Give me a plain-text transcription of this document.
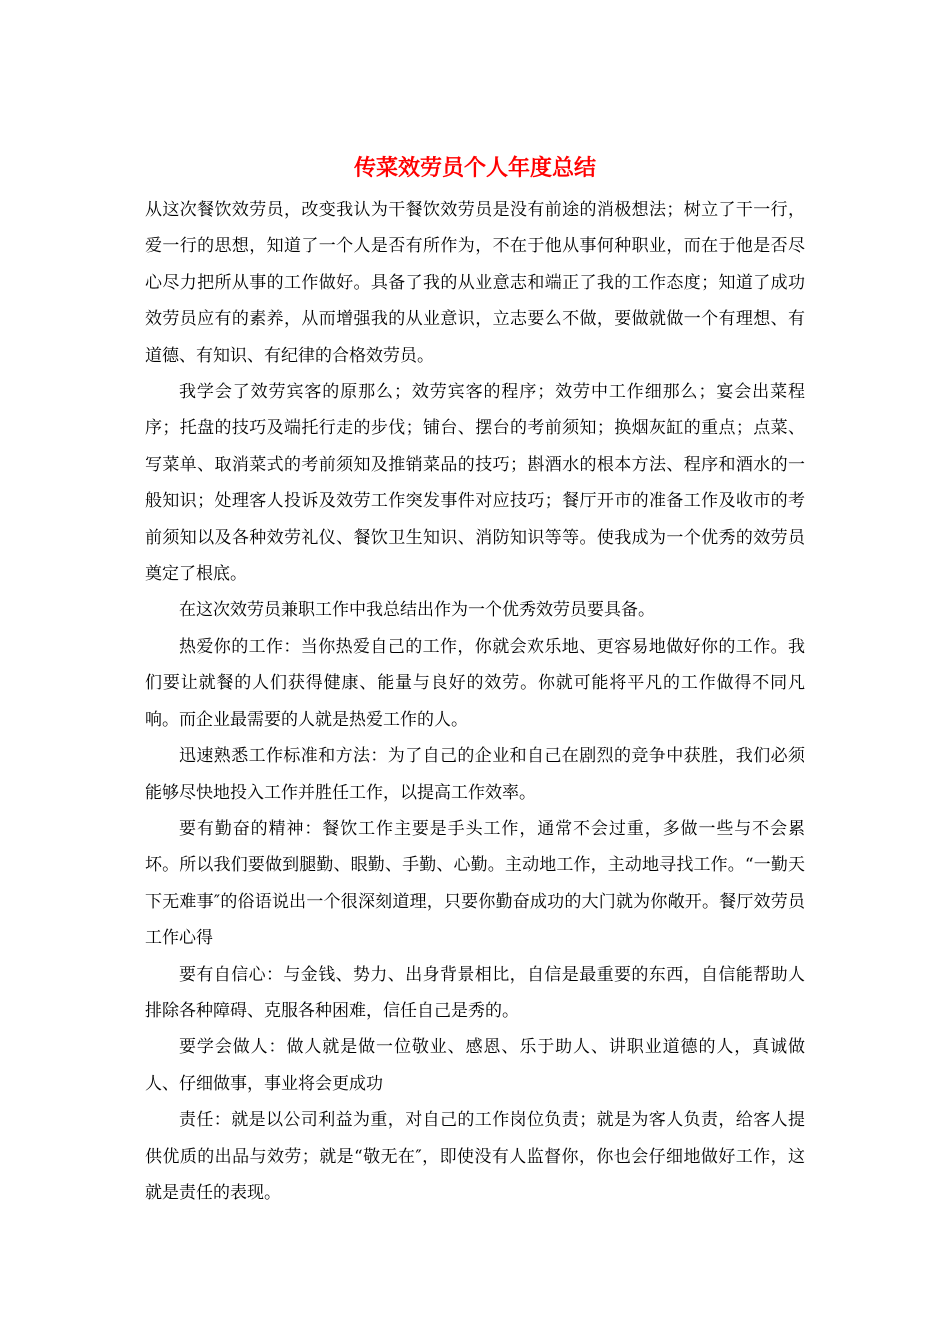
传菜效劳员个人年度总结

从这次餐饮效劳员，改变我认为干餐饮效劳员是没有前途的消极想法；树立了干一行，爱一行的思想，知道了一个人是否有所作为，不在于他从事何种职业，而在于他是否尽心尽力把所从事的工作做好。具备了我的从业意志和端正了我的工作态度；知道了成功效劳员应有的素养，从而增强我的从业意识，立志要么不做，要做就做一个有理想、有道德、有知识、有纪律的合格效劳员。

我学会了效劳宾客的原那么；效劳宾客的程序；效劳中工作细那么；宴会出菜程序；托盘的技巧及端托行走的步伐；铺台、摆台的考前须知；换烟灰缸的重点；点菜、写菜单、取消菜式的考前须知及推销菜品的技巧；斟酒水的根本方法、程序和酒水的一般知识；处理客人投诉及效劳工作突发事件对应技巧；餐厅开市的准备工作及收市的考前须知以及各种效劳礼仪、餐饮卫生知识、消防知识等等。使我成为一个优秀的效劳员奠定了根底。

在这次效劳员兼职工作中我总结出作为一个优秀效劳员要具备。

热爱你的工作：当你热爱自己的工作，你就会欢乐地、更容易地做好你的工作。我们要让就餐的人们获得健康、能量与良好的效劳。你就可能将平凡的工作做得不同凡响。而企业最需要的人就是热爱工作的人。

迅速熟悉工作标准和方法：为了自己的企业和自己在剧烈的竞争中获胜，我们必须能够尽快地投入工作并胜任工作，以提高工作效率。

要有勤奋的精神：餐饮工作主要是手头工作，通常不会过重，多做一些与不会累坏。所以我们要做到腿勤、眼勤、手勤、心勤。主动地工作，主动地寻找工作。“一勤天下无难事″的俗语说出一个很深刻道理，只要你勤奋成功的大门就为你敞开。餐厅效劳员工作心得

要有自信心：与金钱、势力、出身背景相比，自信是最重要的东西，自信能帮助人排除各种障碍、克服各种困难，信任自己是秀的。

要学会做人：做人就是做一位敬业、感恩、乐于助人、讲职业道德的人，真诚做人、仔细做事，事业将会更成功

责任：就是以公司利益为重，对自己的工作岗位负责；就是为客人负责，给客人提供优质的出品与效劳；就是“敬无在″，即使没有人监督你，你也会仔细地做好工作，这就是责任的表现。
